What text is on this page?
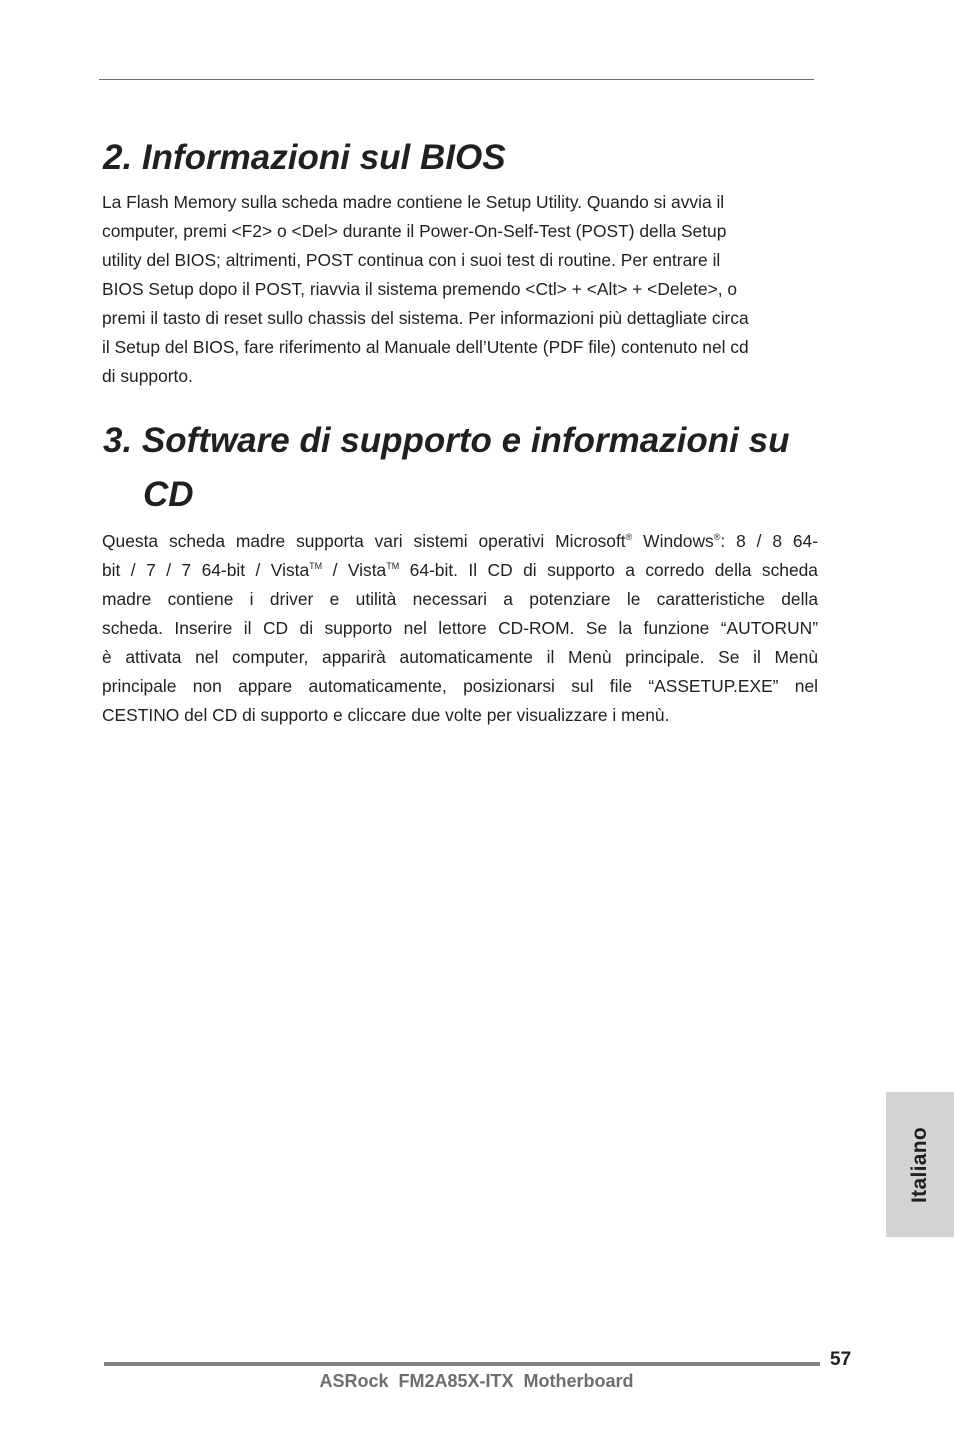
2. Informazioni sul BIOS
La Flash Memory sulla scheda madre contiene le Setup Utility. Quando si avvia il
computer, premi <F2> o <Del> durante il Power-On-Self-Test (POST) della Setup
utility del BIOS; altrimenti, POST continua con i suoi test di routine. Per entrare il
BIOS Setup dopo il POST, riavvia il sistema premendo <Ctl> + <Alt> + <Delete>, o
premi il tasto di reset sullo chassis del sistema. Per informazioni più dettagliate circa
il Setup del BIOS, fare riferimento al Manuale dell’Utente (PDF file) contenuto nel cd
di supporto.
3. Software di supporto e informazioni su
CD
Questa scheda madre supporta vari sistemi operativi Microsoft® Windows®: 8 / 8 64-
bit / 7 / 7 64-bit / Vista™ / Vista™ 64-bit. Il CD di supporto a corredo della scheda
madre contiene i driver e utilità necessari a potenziare le caratteristiche della
scheda. Inserire il CD di supporto nel lettore CD-ROM. Se la funzione “AUTORUN”
è attivata nel computer, apparirà automaticamente il Menù principale. Se il Menù
principale non appare automaticamente, posizionarsi sul file “ASSETUP.EXE” nel
CESTINO del CD di supporto e cliccare due volte per visualizzare i menù.
Italiano
57
ASRock  FM2A85X-ITX  Motherboard
